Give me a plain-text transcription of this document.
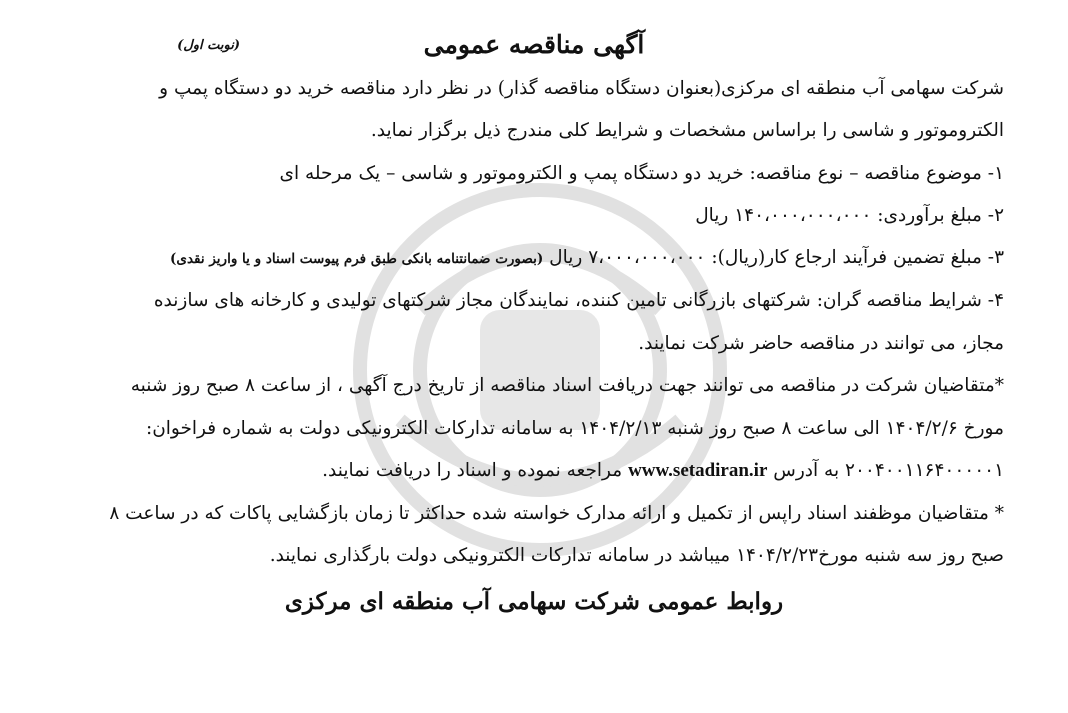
(نوبت اول)	آگهی مناقصه عمومی
شرکت سهامی آب منطقه ای مرکزی(بعنوان دستگاه مناقصه گذار) در نظر دارد مناقصه خرید دو دستگاه پمپ و
الکتروموتور و شاسی را براساس مشخصات و شرایط کلی مندرج ذیل برگزار نماید.
۱- موضوع مناقصه – نوع مناقصه: خرید دو دستگاه پمپ و الکتروموتور و شاسی – یک مرحله ای
۲- مبلغ برآوردی: ۱۴۰،۰۰۰،۰۰۰،۰۰۰ ریال
۳- مبلغ تضمین فرآیند ارجاع کار(ریال): ۷،۰۰۰،۰۰۰،۰۰۰ ریال (بصورت ضمانتنامه بانکی طبق فرم پیوست اسناد و یا واریز نقدی)
۴- شرایط مناقصه گران: شرکتهای بازرگانی تامین کننده، نمایندگان مجاز شرکتهای تولیدی و کارخانه های سازنده
مجاز، می توانند در مناقصه حاضر شرکت نمایند.
*متقاضیان شرکت در مناقصه می توانند جهت دریافت اسناد مناقصه از تاریخ درج آگهی ، از ساعت ۸ صبح روز شنبه
مورخ ۱۴۰۴/۲/۶ الی ساعت ۸ صبح روز شنبه ۱۴۰۴/۲/۱۳ به سامانه تدارکات الکترونیکی دولت به شماره فراخوان:
۲۰۰۴۰۰۱۱۶۴۰۰۰۰۰۱ به آدرس www.setadiran.ir مراجعه نموده و اسناد را دریافت نمایند.
* متقاضیان موظفند اسناد راپس از تکمیل و ارائه مدارک خواسته شده حداکثر تا زمان بازگشایی پاکات که در ساعت ۸
صبح روز سه شنبه مورخ۱۴۰۴/۲/۲۳ میباشد در سامانه تدارکات الکترونیکی دولت بارگذاری نمایند.
روابط عمومی شرکت سهامی آب منطقه ای مرکزی
